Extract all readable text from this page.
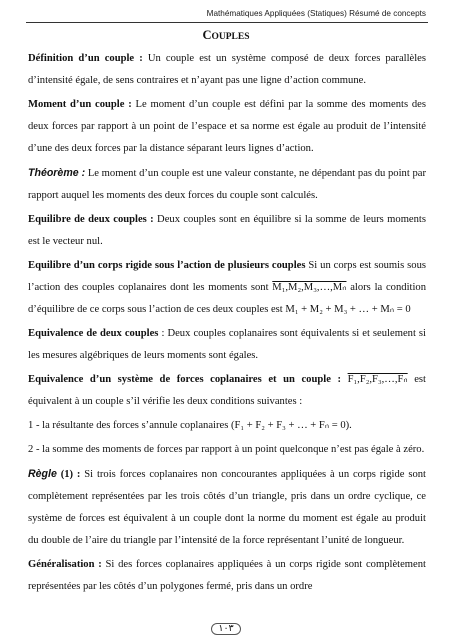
Mathématiques Appliquées (Statiques) Résumé de concepts
COUPLES

Définition d’un couple : Un couple est un système composé de deux forces parallèles d’intensité égale, de sens contraires et n’ayant pas une ligne d’action commune.

Moment d’un couple : Le moment d’un couple est défini par la somme des moments des deux forces par rapport à un point de l’espace et sa norme est égale au produit de l’intensité d’une des deux forces par la distance séparant leurs lignes d’action.

Théorème : Le moment d’un couple est une valeur constante, ne dépendant pas du point par rapport auquel les moments des deux forces du couple sont calculés.

Equilibre de deux couples : Deux couples sont en équilibre si la somme de leurs moments est le vecteur nul.

Equilibre d’un corps rigide sous l’action de plusieurs couples Si un corps est soumis sous l’action des couples coplanaires dont les moments sont M₁,M₂,M₃,…,Mₙ alors la condition d’équilibre de ce corps sous l’action de ces deux couples est M₁ + M₂ + M₃ + … + Mₙ = 0

Equivalence de deux couples : Deux couples coplanaires sont équivalents si et seulement si les mesures algébriques de leurs moments sont égales.

Equivalence d’un système de forces coplanaires et un couple : F₁,F₂,F₃,…,Fₙ est équivalent à un couple s’il vérifie les deux conditions suivantes :

1 - la résultante des forces s’annule coplanaires (F₁ + F₂ + F₃ + … + Fₙ = 0).

2 - la somme des moments de forces par rapport à un point quelconque n’est pas égale à zéro.

Règle (1) : Si trois forces coplanaires non concourantes appliquées à un corps rigide sont complètement représentées par les trois côtés d’un triangle, pris dans un ordre cyclique, ce système de forces est équivalent à un couple dont la norme du moment est égale au produit du double de l’aire du triangle par l’intensité de la force représentant l’unité de longueur.

Généralisation : Si des forces coplanaires appliquées à un corps rigide sont complètement représentées par les côtés d’un polygones fermé, pris dans un ordre

١٠٣
